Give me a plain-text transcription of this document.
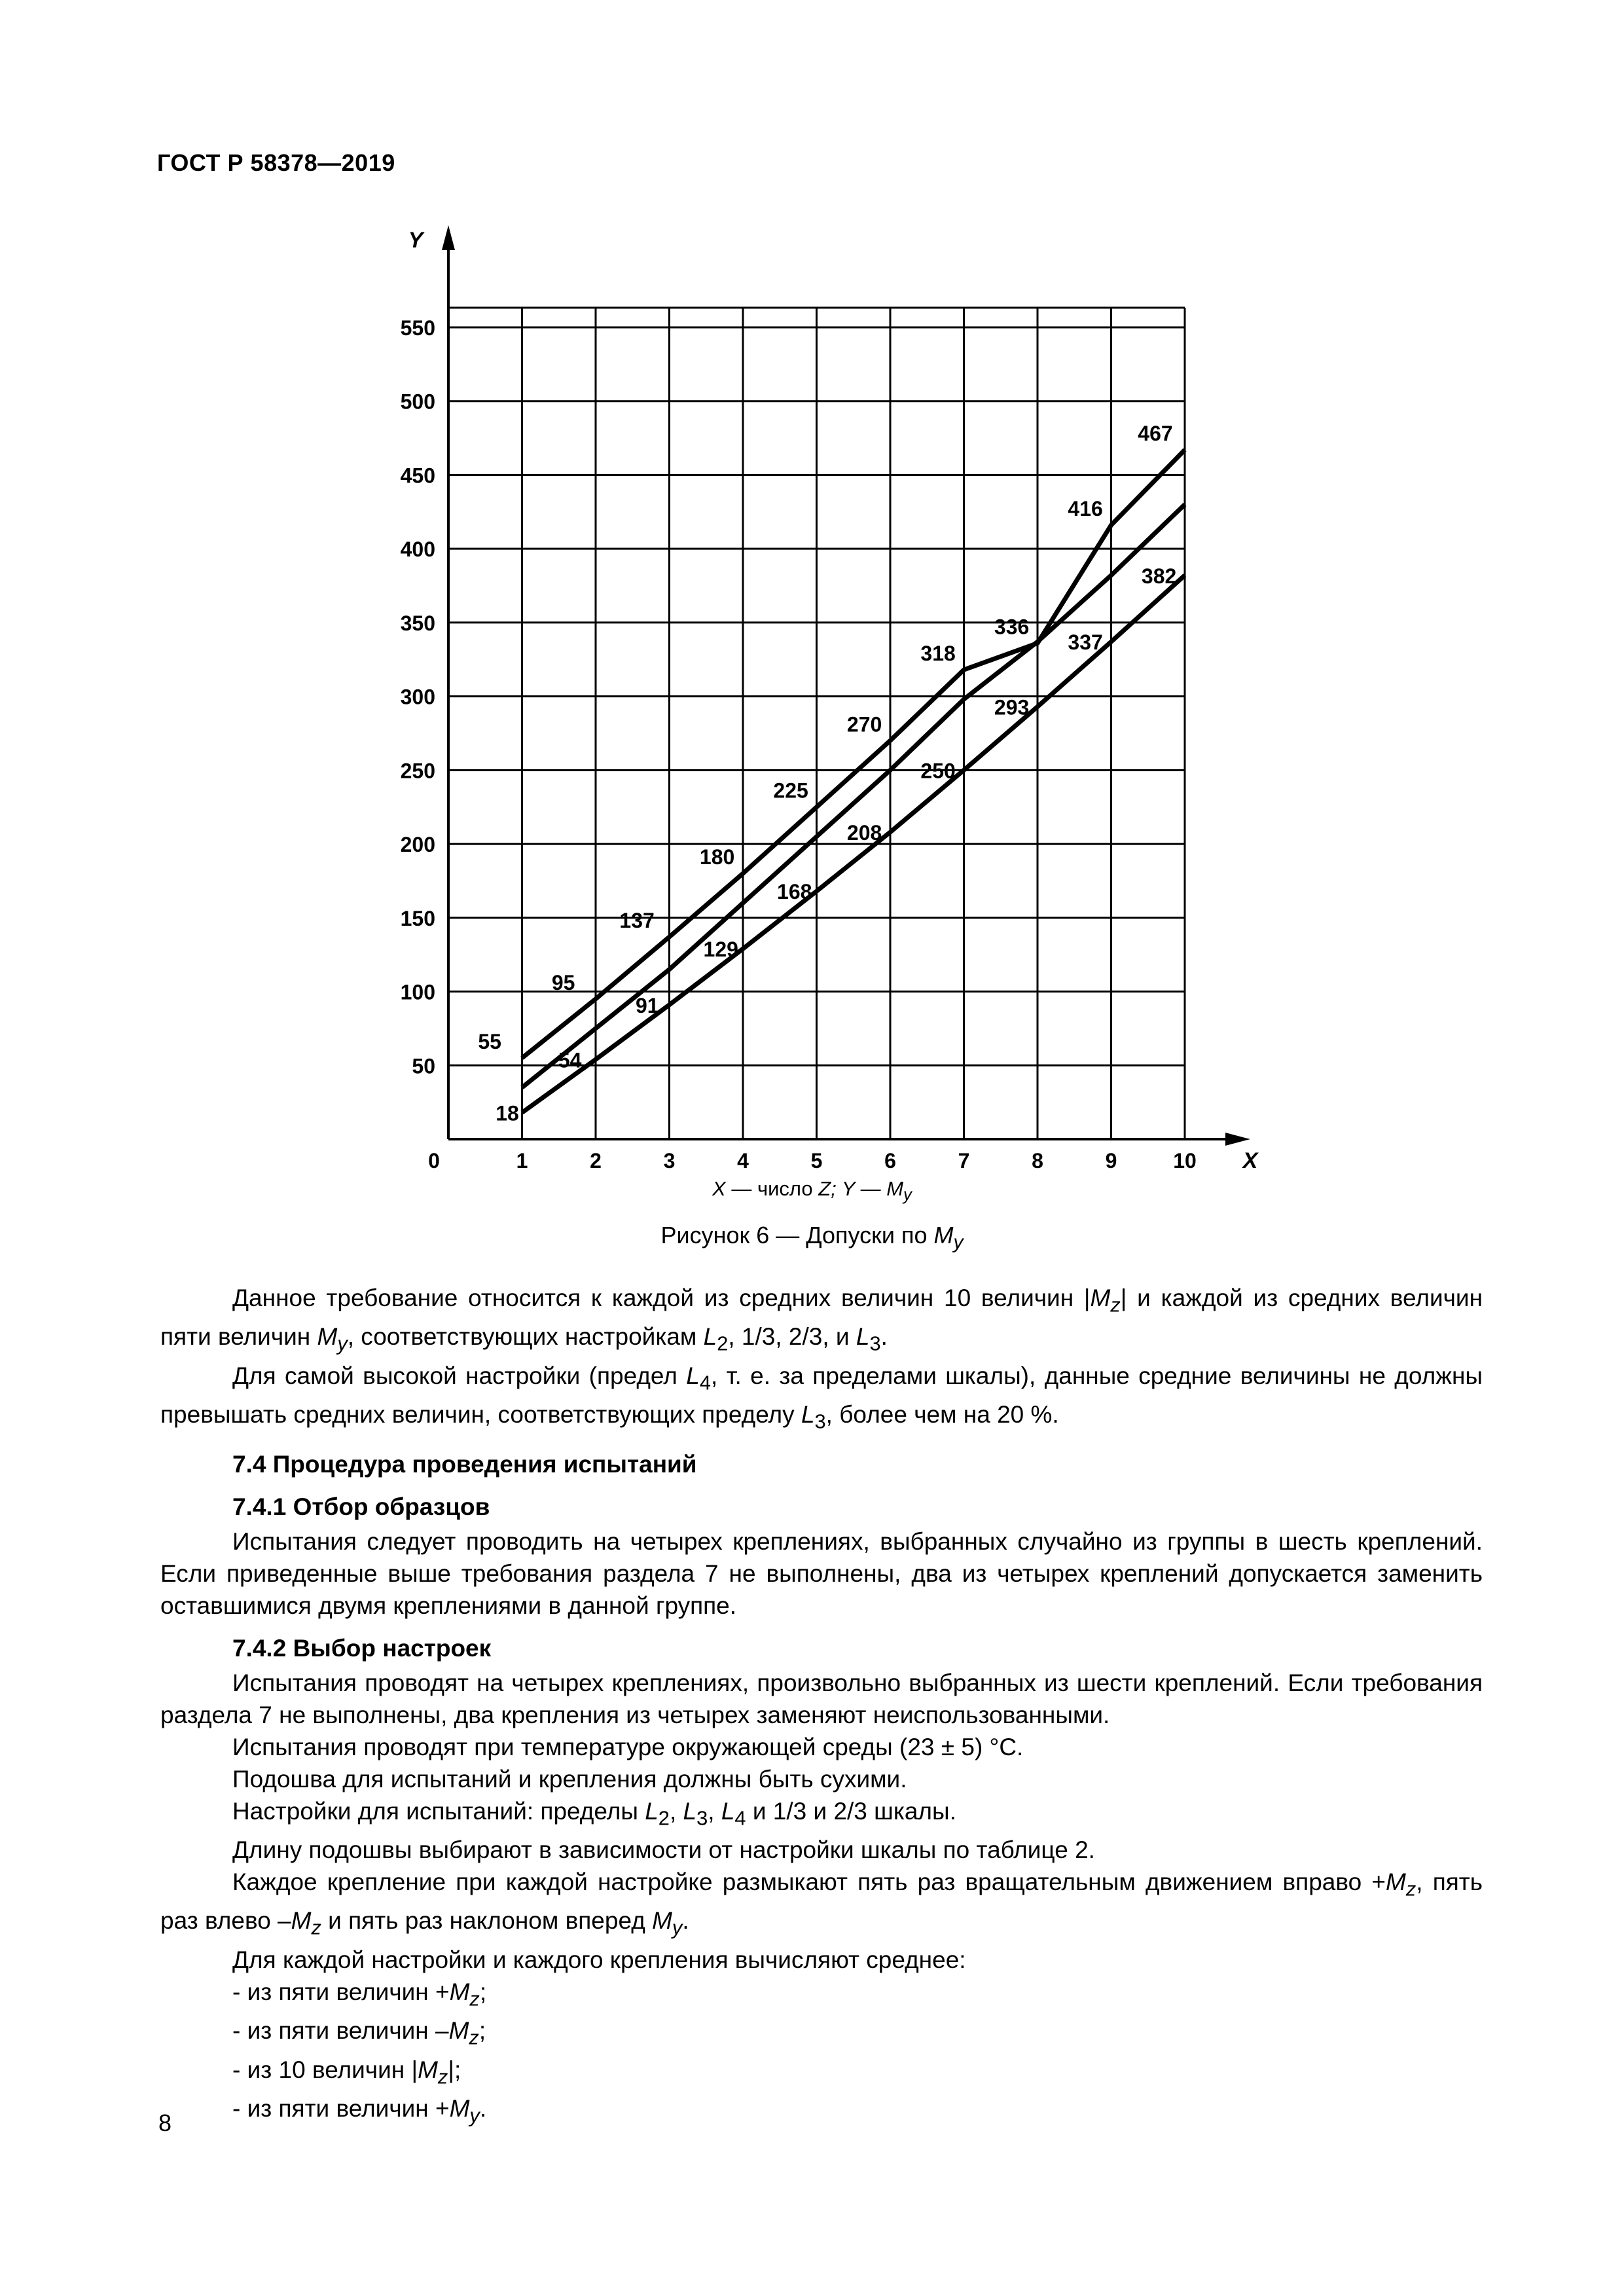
ГОСТ Р 58378—2019
Y
X
0	1	2	3	4	5	6	7	8	9	10
50
100
150
200
250
300
350
400
450
500
550
55
95
137
180
225
270
318
336
416
467
54
129
208
293
382
18
91
168
250
337
X — число Z; Y — $M_y$
Рисунок 6 — Допуски по $M_y$

Данное требование относится к каждой из средних величин 10 величин $|M_z|$ и каждой из средних величин пяти величин $M_y$, соответствующих настройкам $L_2$, 1/3, 2/3, и $L_3$.

Для самой высокой настройки (предел $L_4$, т. е. за пределами шкалы), данные средние величины не должны превышать средних величин, соответствующих пределу $L_3$, более чем на 20 %.

7.4 Процедура проведения испытаний

7.4.1 Отбор образцов

Испытания следует проводить на четырех креплениях, выбранных случайно из группы в шесть креплений. Если приведенные выше требования раздела 7 не выполнены, два из четырех креплений допускается заменить оставшимися двумя креплениями в данной группе.

7.4.2 Выбор настроек

Испытания проводят на четырех креплениях, произвольно выбранных из шести креплений. Если требования раздела 7 не выполнены, два крепления из четырех заменяют неиспользованными.

Испытания проводят при температуре окружающей среды (23 ± 5) °С.

Подошва для испытаний и крепления должны быть сухими.

Настройки для испытаний: пределы $L_2$, $L_3$, $L_4$ и 1/3 и 2/3 шкалы.

Длину подошвы выбирают в зависимости от настройки шкалы по таблице 2.

Каждое крепление при каждой настройке размыкают пять раз вращательным движением вправо $+M_z$, пять раз влево $-M_z$ и пять раз наклоном вперед $M_y$.

Для каждой настройки и каждого крепления вычисляют среднее:

- из пяти величин $+M_z$;

- из пяти величин $-M_z$;

- из 10 величин $|M_z|$;

- из пяти величин $+M_y$.

8
